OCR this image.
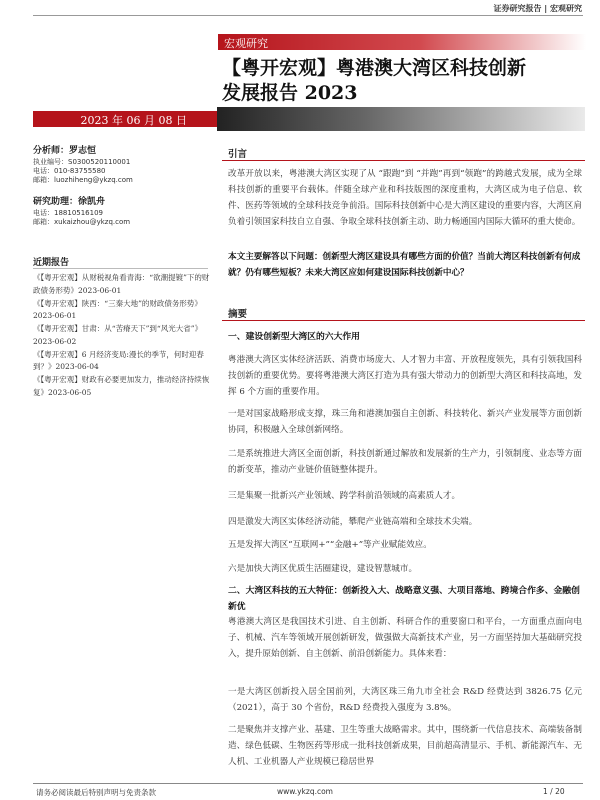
证券研究报告 | 宏观研究
宏观研究
【粤开宏观】粤港澳大湾区科技创新
发展报告 2023
2023 年 06 月 08 日
分析师：罗志恒
执业编号：S0300520110001
电话：010-83755580
邮箱：luozhiheng@ykzq.com
研究助理：徐凯舟
电话：18810516109
邮箱：xukaizhou@ykzq.com
近期报告
《【粤开宏观】从财税视角看青海：“欲潮提镀”下的财政债务形势》2023-06-01
《【粤开宏观】陕西：“三秦大地”的财政债务形势》2023-06-01
《【粤开宏观】甘肃：从“苦瘠天下”到“风光大省”》2023-06-02
《【粤开宏观】6 月经济变局:漫长的季节，何时迎春到？》2023-06-04
《【粤开宏观】财政有必要更加发力，推动经济持续恢复》2023-06-05
引言
改革开放以来，粤港澳大湾区实现了从 “跟跑”到 “并跑”再到“领跑”的跨越式发展，成为全球科技创新的重要平台载体。伴随全球产业和科技版图的深度重构，大湾区成为电子信息、软件、医药等领域的全球科技竞争前沿。国际科技创新中心是大湾区建设的重要内容，大湾区肩负着引领国家科技自立自强、争取全球科技创新主动、助力畅通国内国际大循环的重大使命。
本文主要解答以下问题：创新型大湾区建设具有哪些方面的价值？当前大湾区科技创新有何成就？仍有哪些短板？未来大湾区应如何建设国际科技创新中心？
摘要
一、建设创新型大湾区的六大作用
粤港澳大湾区实体经济活跃、消费市场庞大、人才智力丰富、开放程度领先，具有引领我国科技创新的重要优势。要将粤港澳大湾区打造为具有强大带动力的创新型大湾区和科技高地，发挥 6 个方面的重要作用。
一是对国家战略形成支撑，珠三角和港澳加强自主创新、科技转化、新兴产业发展等方面创新协同，积极融入全球创新网络。
二是系统推进大湾区全面创新，科技创新通过解放和发展新的生产力，引领制度、业态等方面的新变革，推动产业链价值链整体提升。
三是集聚一批新兴产业领域、跨学科前沿领域的高素质人才。
四是激发大湾区实体经济动能，攀爬产业链高端和全球技术尖端。
五是发挥大湾区“互联网+”“金融+”等产业赋能效应。
六是加快大湾区优质生活圈建设，建设智慧城市。
二、大湾区科技的五大特征：创新投入大、战略意义强、大项目落地、跨境合作多、金融创新优
粤港澳大湾区是我国技术引进、自主创新、科研合作的重要窗口和平台，一方面重点面向电子、机械、汽车等领域开展创新研发，做强做大高新技术产业，另一方面坚持加大基础研究投入，提升原始创新、自主创新、前沿创新能力。具体来看：
一是大湾区创新投入居全国前列，大湾区珠三角九市全社会 R&D 经费达到 3826.75 亿元（2021），高于 30 个省份，R&D 经费投入强度为 3.8%。
二是聚焦并支撑产业、基建、卫生等重大战略需求。其中，围绕新一代信息技术、高端装备制造、绿色低碳、生物医药等形成一批科技创新成果，目前超高清显示、手机、新能源汽车、无人机、工业机器人产业规模已稳居世界
请务必阅读最后特别声明与免责条款	www.ykzq.com	1 / 20
